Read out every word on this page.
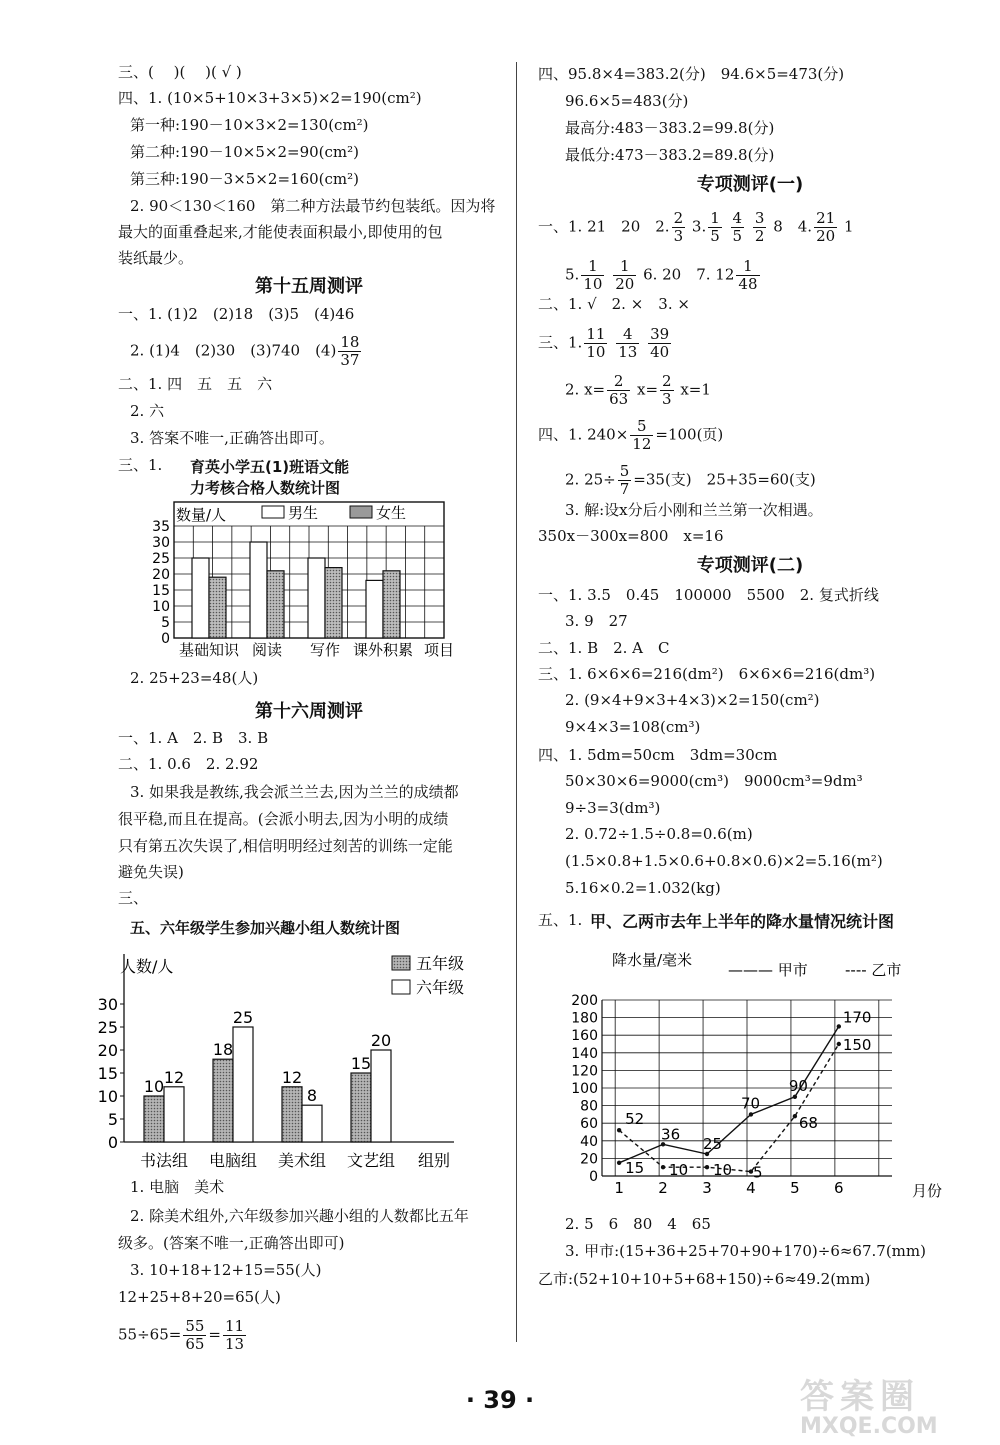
三、(　 )(　 )( √ )
四、1. (10×5+10×3+3×5)×2=190(cm²)
第一种:190－10×3×2=130(cm²)
第二种:190－10×5×2=90(cm²)
第三种:190－3×5×2=160(cm²)
2. 90＜130＜160　第二种方法最节约包装纸。因为将
最大的面重叠起来,才能使表面积最小,即使用的包
装纸最少。
第十五周测评
一、1. (1)2　(2)18　(3)5　(4)46
2. (1)4　(2)30　(3)740　$(4) \frac{18}{37}$
二、1. 四　五　五　六
2. 六
3. 答案不唯一,正确答出即可。
三、1. 育英小学五(1)班语文能
力考核合格人数统计图
0
5
10
15
20
25
30
35
数量/人	男生	女生
基础知识 阅读 写作 课外积累 项目
2. 25+23=48(人)
第十六周测评
一、1. A　2. B　3. B
二、1. 0.6　2. 2.92
3. 如果我是教练,我会派兰兰去,因为兰兰的成绩都
很平稳,而且在提高。(会派小明去,因为小明的成绩
只有第五次失误了,相信明明经过刻苦的训练一定能
避免失误)
三、
五、六年级学生参加兴趣小组人数统计图
0
5
10
15
20
25
30
人数/人	五年级
六年级
10 12
书法组
18
25
电脑组
12
8
美术组
15
20
文艺组 组别
1. 电脑　美术
2. 除美术组外,六年级参加兴趣小组的人数都比五年
级多。(答案不唯一,正确答出即可)
3. 10+18+12+15=55(人)
12+25+8+20=65(人)
$55\div 65= \frac{55}{65} = \frac{11}{13}$
四、95.8×4=383.2(分)　94.6×5=473(分)
96.6×5=483(分)
最高分:483－383.2=99.8(分)
最低分:473－383.2=89.8(分)
专项测评(一)
一、1. 21　20　2. $\frac{2}{3} 3$. $\frac{1}{5}$
$\frac{4}{5}$
$\frac{3}{2} 8$　4. $\frac{21}{20} 1$
5. $\frac{1}{10}$
$\frac{1}{20} 6$. 20　7. $12 \frac{1}{48}$
二、1. √　2. ×　3. ×
三、1. $\frac{11}{10}$
$\frac{4}{13}$
$\frac{39}{40}$
2. $x= \frac{2}{63} x= \frac{2}{3} x=1$
四、1. $240\times \frac{5}{12} =100$(页)
2. $25\div \frac{5}{7} =35$(支)　25+35=60(支)
3. 解:设x分后小刚和兰兰第一次相遇。
350x－300x=800　x=16
专项测评(二)
一、1. 3.5　0.45　100000　5500　2. 复式折线
3. 9　27
二、1. B　2. A　C
三、1. 6×6×6=216(dm²)　6×6×6=216(dm³)
2. (9×4+9×3+4×3)×2=150(cm²)
9×4×3=108(cm³)
四、1. 5dm=50cm　3dm=30cm
50×30×6=9000(cm³)　9000cm³=9dm³
9÷3=3(dm³)
2. 0.72÷1.5÷0.8=0.6(m)
(1.5×0.8+1.5×0.6+0.8×0.6)×2=5.16(m²)
5.16×0.2=1.032(kg)
五、1. 甲、乙两市去年上半年的降水量情况统计图
降水量/毫米
——— 甲市 ---- 乙市
0
20
40
60
80
100
120
140
160
180
200
1 2 3 4 5 6	月份
15
36
25
70
90
170
52
10 10 5
68
150
2. 5　6　80　4　65
3. 甲市:(15+36+25+70+90+170)÷6≈67.7(mm)
乙市:(52+10+10+5+68+150)÷6≈49.2(mm)
· 39 ·	答案圈
MXQE.COM
